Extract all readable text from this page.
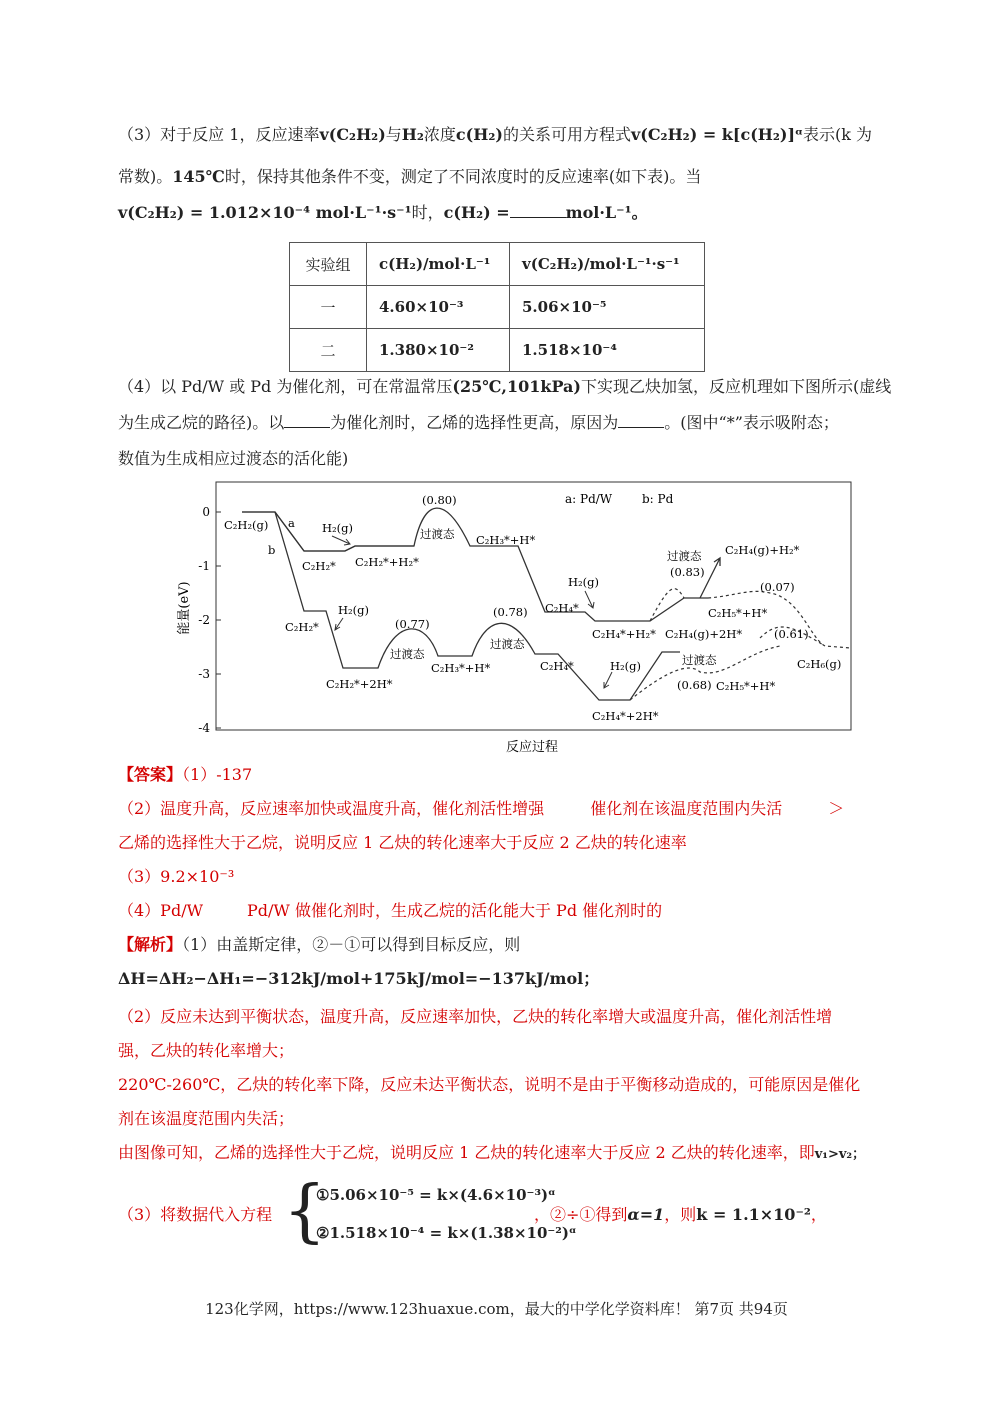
（3）对于反应 1，反应速率v(C₂H₂)与H₂浓度c(H₂)的关系可用方程式v(C₂H₂) = k[c(H₂)]ᵅ表示(k 为
常数)。145℃时，保持其他条件不变，测定了不同浓度时的反应速率(如下表)。当
v(C₂H₂) = 1.012×10⁻⁴ mol·L⁻¹·s⁻¹时，c(H₂) =	mol·L⁻¹。
实验组	c(H₂)/mol·L⁻¹	v(C₂H₂)/mol·L⁻¹·s⁻¹
一	4.60×10⁻³	5.06×10⁻⁵
二	1.380×10⁻²	1.518×10⁻⁴
（4）以 Pd/W 或 Pd 为催化剂，可在常温常压(25℃,101kPa)下实现乙炔加氢，反应机理如下图所示(虚线
为生成乙烷的路径)。以	为催化剂时，乙烯的选择性更高，原因为	。(图中“*”表示吸附态；
数值为生成相应过渡态的活化能)
0
-1
-2
-3
-4
能量(eV)
反应过程
a: Pd/W b: Pd
C₂H₂(g) a
b
H₂(g)
C₂H₂* C₂H₂*+H₂*
(0.80)
过渡态 C₂H₃*+H*
H₂(g)
C₂H₄*
C₂H₄*+H₂*
过渡态
(0.83)
C₂H₄(g)+H₂*
(0.07)
C₂H₅*+H*
(0.61)
C₂H₄(g)+2H*
C₂H₆(g)
C₂H₂*
H₂(g)
C₂H₂*+2H*
(0.77)
过渡态
C₂H₃*+H*
(0.78)
过渡态
C₂H₄*	H₂(g)
C₂H₄*+2H*
过渡态
(0.68) C₂H₅*+H*
【答案】（1）-137
（2）温度升高，反应速率加快或温度升高，催化剂活性增强	催化剂在该温度范围内失活	＞
乙烯的选择性大于乙烷，说明反应 1 乙炔的转化速率大于反应 2 乙炔的转化速率
（3）9.2×10⁻³
（4）Pd/W	Pd/W 做催化剂时，生成乙烷的活化能大于 Pd 催化剂时的
【解析】（1）由盖斯定律，②－①可以得到目标反应，则
ΔH=ΔH₂−ΔH₁=−312kJ/mol+175kJ/mol=−137kJ/mol；
（2）反应未达到平衡状态，温度升高，反应速率加快，乙炔的转化率增大或温度升高，催化剂活性增
强，乙炔的转化率增大；
220℃-260℃，乙炔的转化率下降，反应未达平衡状态，说明不是由于平衡移动造成的，可能原因是催化
剂在该温度范围内失活；
由图像可知，乙烯的选择性大于乙烷，说明反应 1 乙炔的转化速率大于反应 2 乙炔的转化速率，即v₁>v₂；
（3）将数据代入方程 {
①5.06×10⁻⁵ = k×(4.6×10⁻³)ᵅ
②1.518×10⁻⁴ = k×(1.38×10⁻²)ᵅ
，②÷①得到α=1，则k = 1.1×10⁻²，
123化学网，https://www.123huaxue.com，最大的中学化学资料库！ 第7页 共94页
